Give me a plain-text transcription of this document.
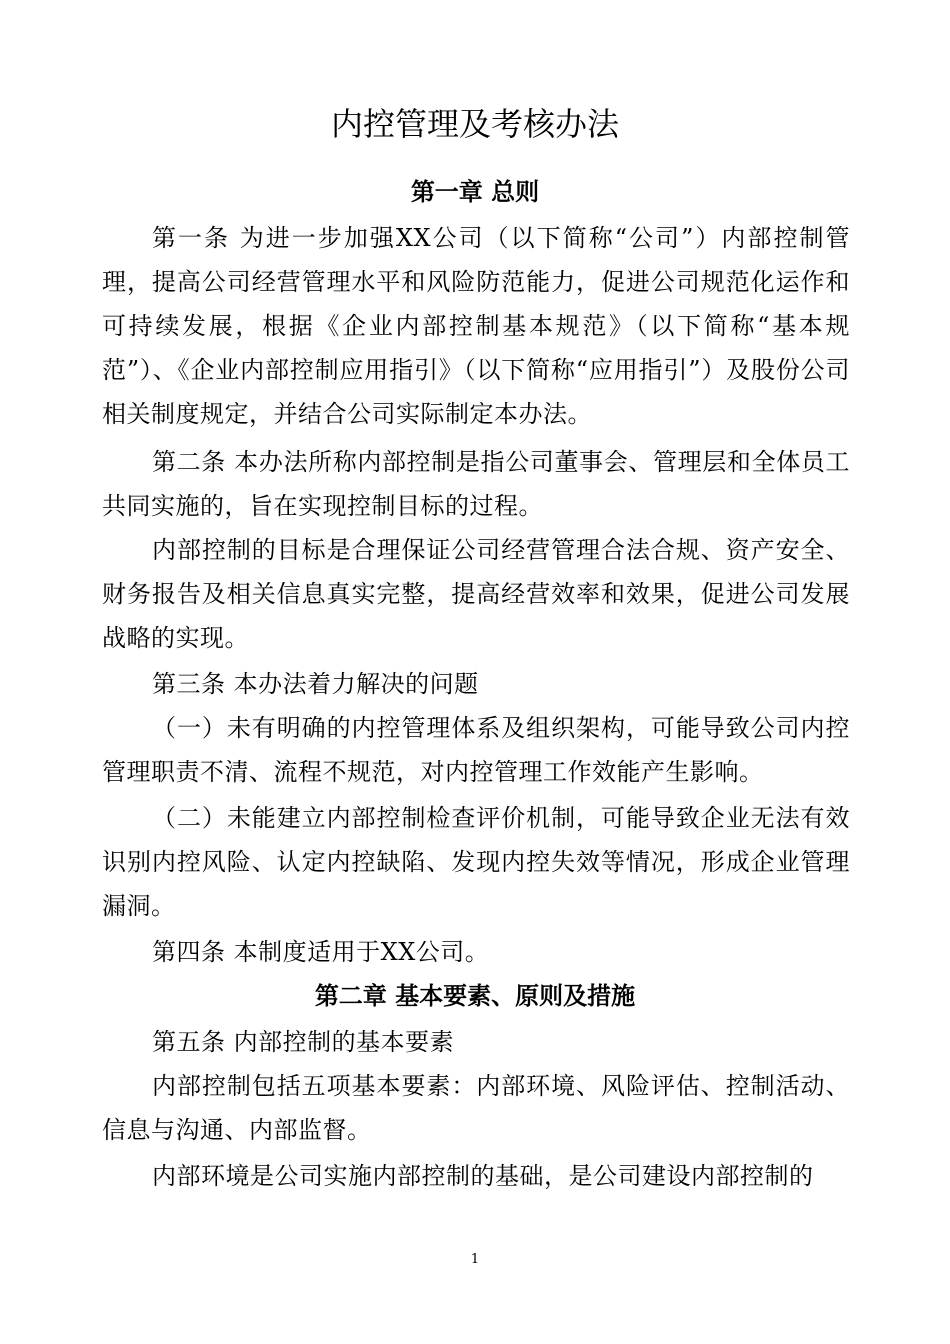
内控管理及考核办法
第一章 总则

第一条 为进一步加强XX公司（以下简称“公司”）内部控制管理，提高公司经营管理水平和风险防范能力，促进公司规范化运作和可持续发展，根据《企业内部控制基本规范》（以下简称“基本规范”）、《企业内部控制应用指引》（以下简称“应用指引”）及股份公司相关制度规定，并结合公司实际制定本办法。

第二条 本办法所称内部控制是指公司董事会、管理层和全体员工共同实施的，旨在实现控制目标的过程。

内部控制的目标是合理保证公司经营管理合法合规、资产安全、财务报告及相关信息真实完整，提高经营效率和效果，促进公司发展战略的实现。

第三条 本办法着力解决的问题

（一）未有明确的内控管理体系及组织架构，可能导致公司内控管理职责不清、流程不规范，对内控管理工作效能产生影响。

（二）未能建立内部控制检查评价机制，可能导致企业无法有效识别内控风险、认定内控缺陷、发现内控失效等情况，形成企业管理漏洞。

第四条 本制度适用于XX公司。

第二章 基本要素、原则及措施

第五条 内部控制的基本要素

内部控制包括五项基本要素：内部环境、风险评估、控制活动、信息与沟通、内部监督。

内部环境是公司实施内部控制的基础，是公司建设内部控制的

1
